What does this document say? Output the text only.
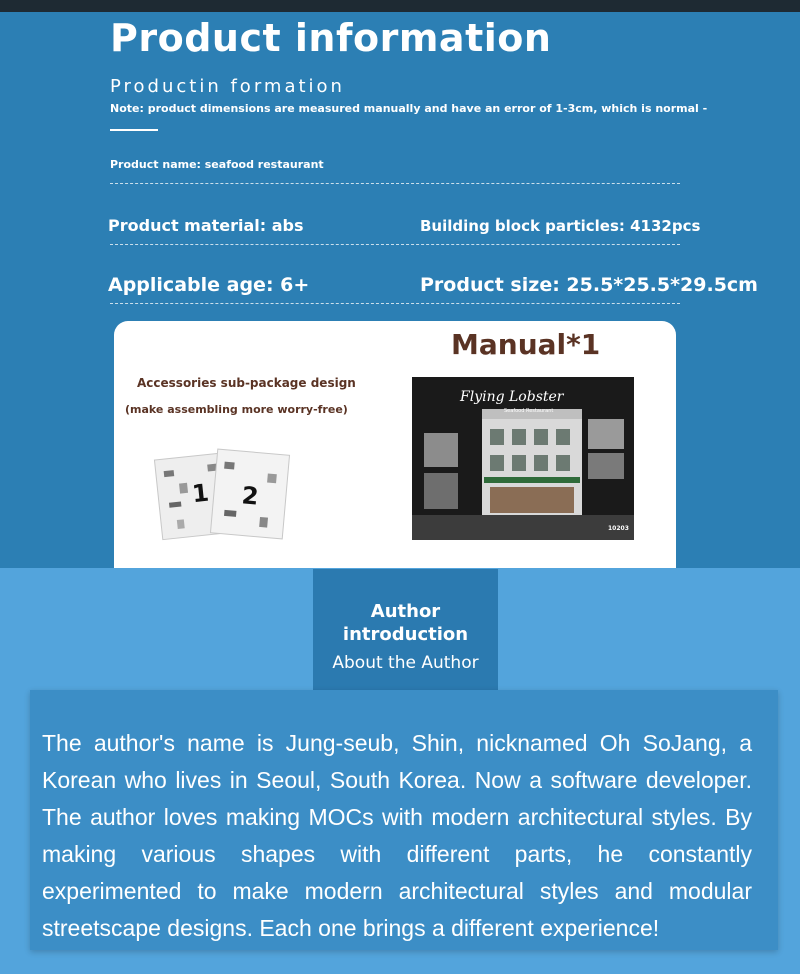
Product information
Productin formation
Note: product dimensions are measured manually and have an error of 1-3cm, which is normal -
Product name: seafood restaurant
Product material: abs	Building block particles: 4132pcs
Applicable age: 6+	Product size: 25.5*25.5*29.5cm
Manual*1
Accessories sub-package design
(make assembling more worry-free)
1 2
Flying Lobster
Seafood Restaurant
10203
Author introduction
About the Author
The author's name is Jung-seub, Shin, nicknamed Oh SoJang, a Korean who lives in Seoul, South Korea. Now a software developer. The author loves making MOCs with modern architectural styles. By making various shapes with different parts, he constantly experimented to make modern architectural styles and modular streetscape designs. Each one brings a different experience!
